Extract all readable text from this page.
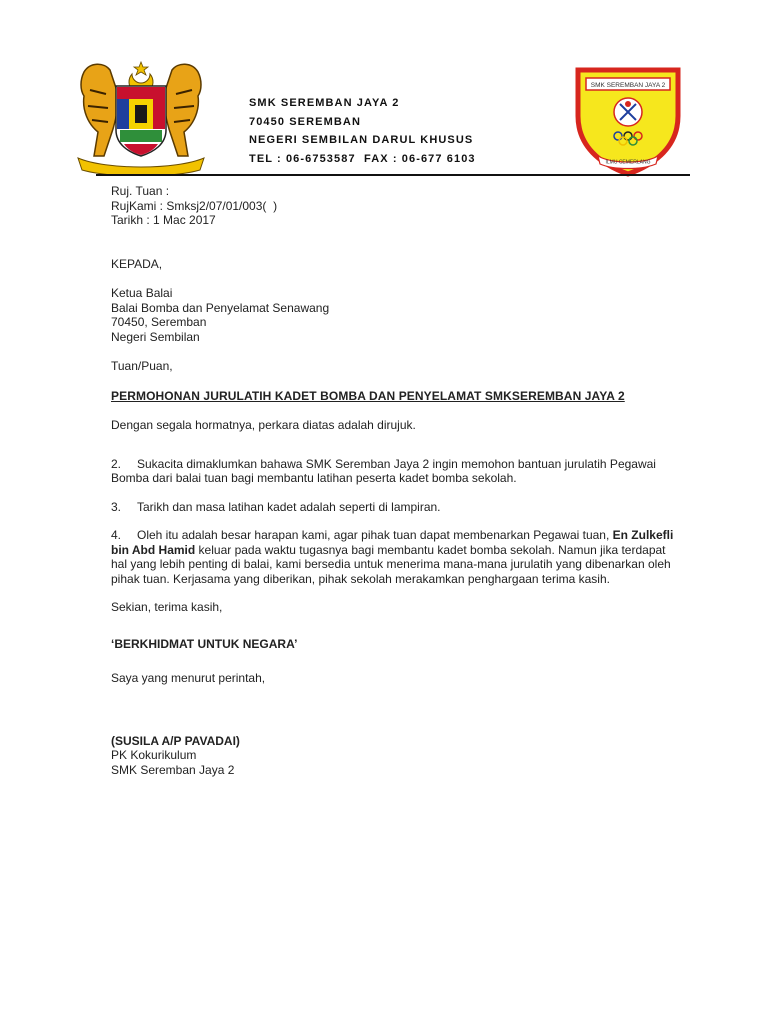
SMK SEREMBAN JAYA 2
ILMU CEMERLANG
SMK SEREMBAN JAYA 2
70450 SEREMBAN
NEGERI SEMBILAN DARUL KHUSUS
TEL : 06-6753587  FAX : 06-677 6103

Ruj. Tuan :

RujKami : Smksj2/07/01/003(  )

Tarikh : 1 Mac 2017

KEPADA,

Ketua Balai

Balai Bomba dan Penyelamat Senawang

70450, Seremban

Negeri Sembilan

Tuan/Puan,

PERMOHONAN JURULATIH KADET BOMBA DAN PENYELAMAT SMKSEREMBAN JAYA 2

Dengan segala hormatnya, perkara diatas adalah dirujuk.

2. Sukacita dimaklumkan bahawa SMK Seremban Jaya 2 ingin memohon bantuan jurulatih Pegawai Bomba dari balai tuan bagi membantu latihan peserta kadet bomba sekolah.

3. Tarikh dan masa latihan kadet adalah seperti di lampiran.

4. Oleh itu adalah besar harapan kami, agar pihak tuan dapat membenarkan Pegawai tuan, En Zulkefli bin Abd Hamid keluar pada waktu tugasnya bagi membantu kadet bomba sekolah. Namun jika terdapat hal yang lebih penting di balai, kami bersedia untuk menerima mana-mana jurulatih yang dibenarkan oleh pihak tuan. Kerjasama yang diberikan, pihak sekolah merakamkan penghargaan terima kasih.

Sekian, terima kasih,

‘BERKHIDMAT UNTUK NEGARA’

Saya yang menurut perintah,

(SUSILA A/P PAVADAI)

PK Kokurikulum

SMK Seremban Jaya 2
